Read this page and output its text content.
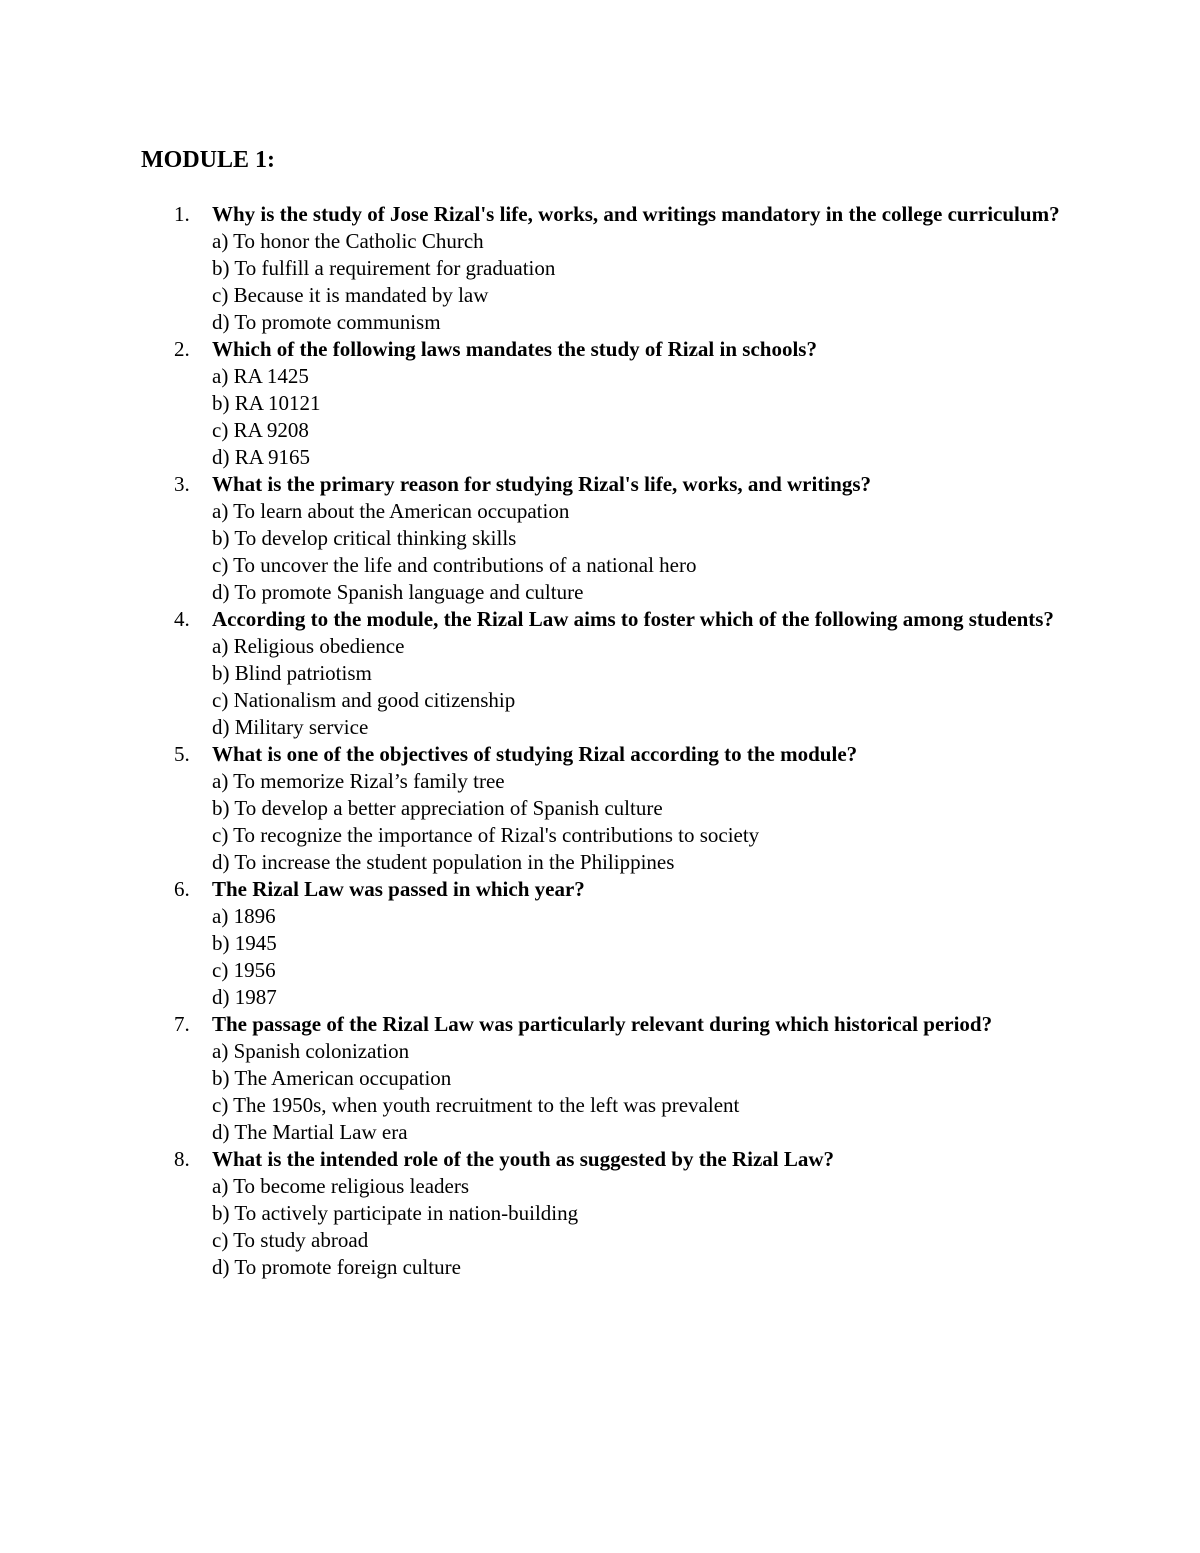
MODULE 1:
1. Why is the study of Jose Rizal's life, works, and writings mandatory in the college curriculum?
a) To honor the Catholic Church
b) To fulfill a requirement for graduation
c) Because it is mandated by law
d) To promote communism
2. Which of the following laws mandates the study of Rizal in schools?
a) RA 1425
b) RA 10121
c) RA 9208
d) RA 9165
3. What is the primary reason for studying Rizal's life, works, and writings?
a) To learn about the American occupation
b) To develop critical thinking skills
c) To uncover the life and contributions of a national hero
d) To promote Spanish language and culture
4. According to the module, the Rizal Law aims to foster which of the following among students?
a) Religious obedience
b) Blind patriotism
c) Nationalism and good citizenship
d) Military service
5. What is one of the objectives of studying Rizal according to the module?
a) To memorize Rizal’s family tree
b) To develop a better appreciation of Spanish culture
c) To recognize the importance of Rizal's contributions to society
d) To increase the student population in the Philippines
6. The Rizal Law was passed in which year?
a) 1896
b) 1945
c) 1956
d) 1987
7. The passage of the Rizal Law was particularly relevant during which historical period?
a) Spanish colonization
b) The American occupation
c) The 1950s, when youth recruitment to the left was prevalent
d) The Martial Law era
8. What is the intended role of the youth as suggested by the Rizal Law?
a) To become religious leaders
b) To actively participate in nation-building
c) To study abroad
d) To promote foreign culture
